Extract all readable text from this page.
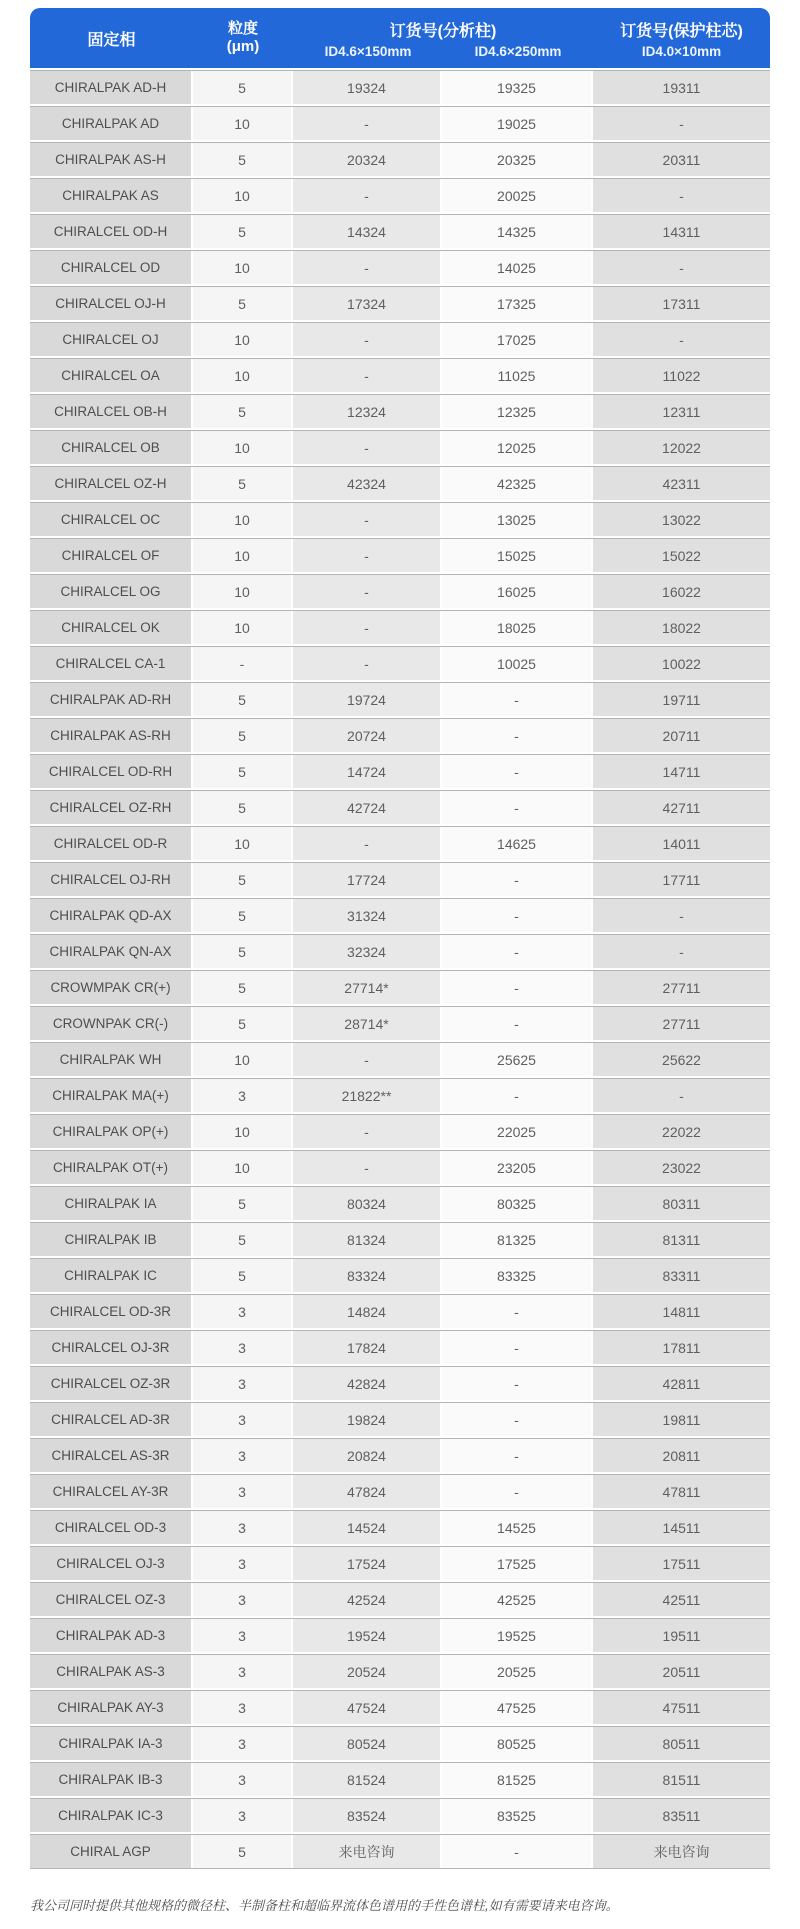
固定相
粒度
(μm)
订货号(分析柱)
ID4.6×150mm	ID4.6×250mm
订货号(保护柱芯)
ID4.0×10mm
CHIRALPAK AD-H	5	19324	19325	19311
CHIRALPAK AD	10	-	19025	-
CHIRALPAK AS-H	5	20324	20325	20311
CHIRALPAK AS	10	-	20025	-
CHIRALCEL OD-H	5	14324	14325	14311
CHIRALCEL OD	10	-	14025	-
CHIRALCEL OJ-H	5	17324	17325	17311
CHIRALCEL OJ	10	-	17025	-
CHIRALCEL OA	10	-	11025	11022
CHIRALCEL OB-H	5	12324	12325	12311
CHIRALCEL OB	10	-	12025	12022
CHIRALCEL OZ-H	5	42324	42325	42311
CHIRALCEL OC	10	-	13025	13022
CHIRALCEL OF	10	-	15025	15022
CHIRALCEL OG	10	-	16025	16022
CHIRALCEL OK	10	-	18025	18022
CHIRALCEL CA-1	-	-	10025	10022
CHIRALPAK AD-RH	5	19724	-	19711
CHIRALPAK AS-RH	5	20724	-	20711
CHIRALCEL OD-RH	5	14724	-	14711
CHIRALCEL OZ-RH	5	42724	-	42711
CHIRALCEL OD-R	10	-	14625	14011
CHIRALCEL OJ-RH	5	17724	-	17711
CHIRALPAK QD-AX	5	31324	-	-
CHIRALPAK QN-AX	5	32324	-	-
CROWMPAK CR(+)	5	27714*	-	27711
CROWNPAK CR(-)	5	28714*	-	27711
CHIRALPAK WH	10	-	25625	25622
CHIRALPAK MA(+)	3	21822**	-	-
CHIRALPAK OP(+)	10	-	22025	22022
CHIRALPAK OT(+)	10	-	23205	23022
CHIRALPAK IA	5	80324	80325	80311
CHIRALPAK IB	5	81324	81325	81311
CHIRALPAK IC	5	83324	83325	83311
CHIRALCEL OD-3R	3	14824	-	14811
CHIRALCEL OJ-3R	3	17824	-	17811
CHIRALCEL OZ-3R	3	42824	-	42811
CHIRALCEL AD-3R	3	19824	-	19811
CHIRALCEL AS-3R	3	20824	-	20811
CHIRALCEL AY-3R	3	47824	-	47811
CHIRALCEL OD-3	3	14524	14525	14511
CHIRALCEL OJ-3	3	17524	17525	17511
CHIRALCEL OZ-3	3	42524	42525	42511
CHIRALPAK AD-3	3	19524	19525	19511
CHIRALPAK AS-3	3	20524	20525	20511
CHIRALPAK AY-3	3	47524	47525	47511
CHIRALPAK IA-3	3	80524	80525	80511
CHIRALPAK IB-3	3	81524	81525	81511
CHIRALPAK IC-3	3	83524	83525	83511
CHIRAL AGP	5	来电咨询	-	来电咨询
我公司同时提供其他规格的微径柱、半制备柱和超临界流体色谱用的手性色谱柱,如有需要请来电咨询。
